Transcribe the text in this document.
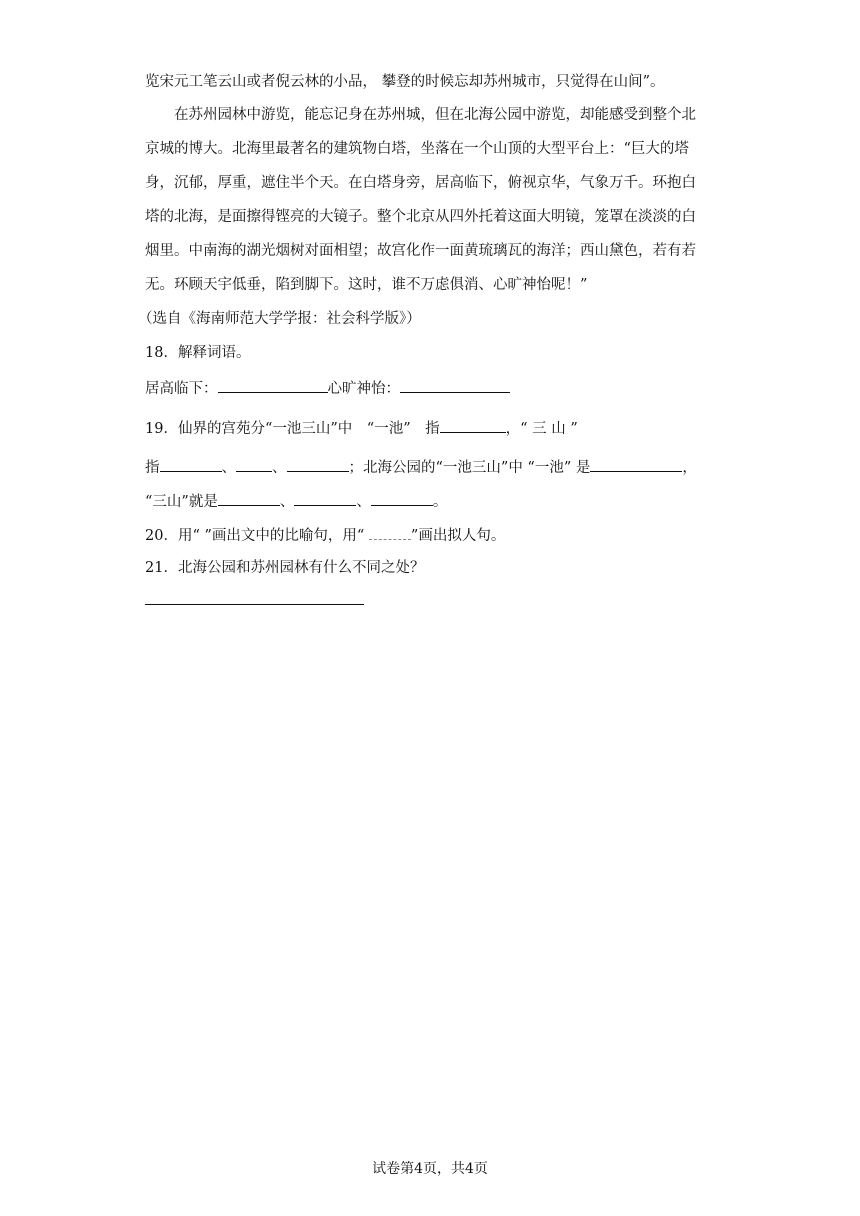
览宋元工笔云山或者倪云林的小品， 攀登的时候忘却苏州城市，只觉得在山间”。
在苏州园林中游览，能忘记身在苏州城，但在北海公园中游览，却能感受到整个北
京城的博大。北海里最著名的建筑物白塔，坐落在一个山顶的大型平台上：“巨大的塔
身，沉郁，厚重，遮住半个天。在白塔身旁，居高临下，俯视京华，气象万千。环抱白
塔的北海，是面擦得铿亮的大镜子。整个北京从四外托着这面大明镜，笼罩在淡淡的白
烟里。中南海的湖光烟树对面相望；故宫化作一面黄琉璃瓦的海洋；西山黛色，若有若
无。环顾天宇低垂，陷到脚下。这时，谁不万虑俱消、心旷神怡呢！”
（选自《海南师范大学学报：社会科学版》）
18．解释词语。
居高临下：	心旷神怡：
19．仙界的宫苑分“一池三山”中　“一池”　指	，“ 三 山 ”
指	、 、	；北海公园的“一池三山”中 “一池” 是	，
“三山”就是	、	、	。
20．用“ ”画出文中的比喻句，用“	”画出拟人句。
21．北海公园和苏州园林有什么不同之处？
试卷第4页，共4页
